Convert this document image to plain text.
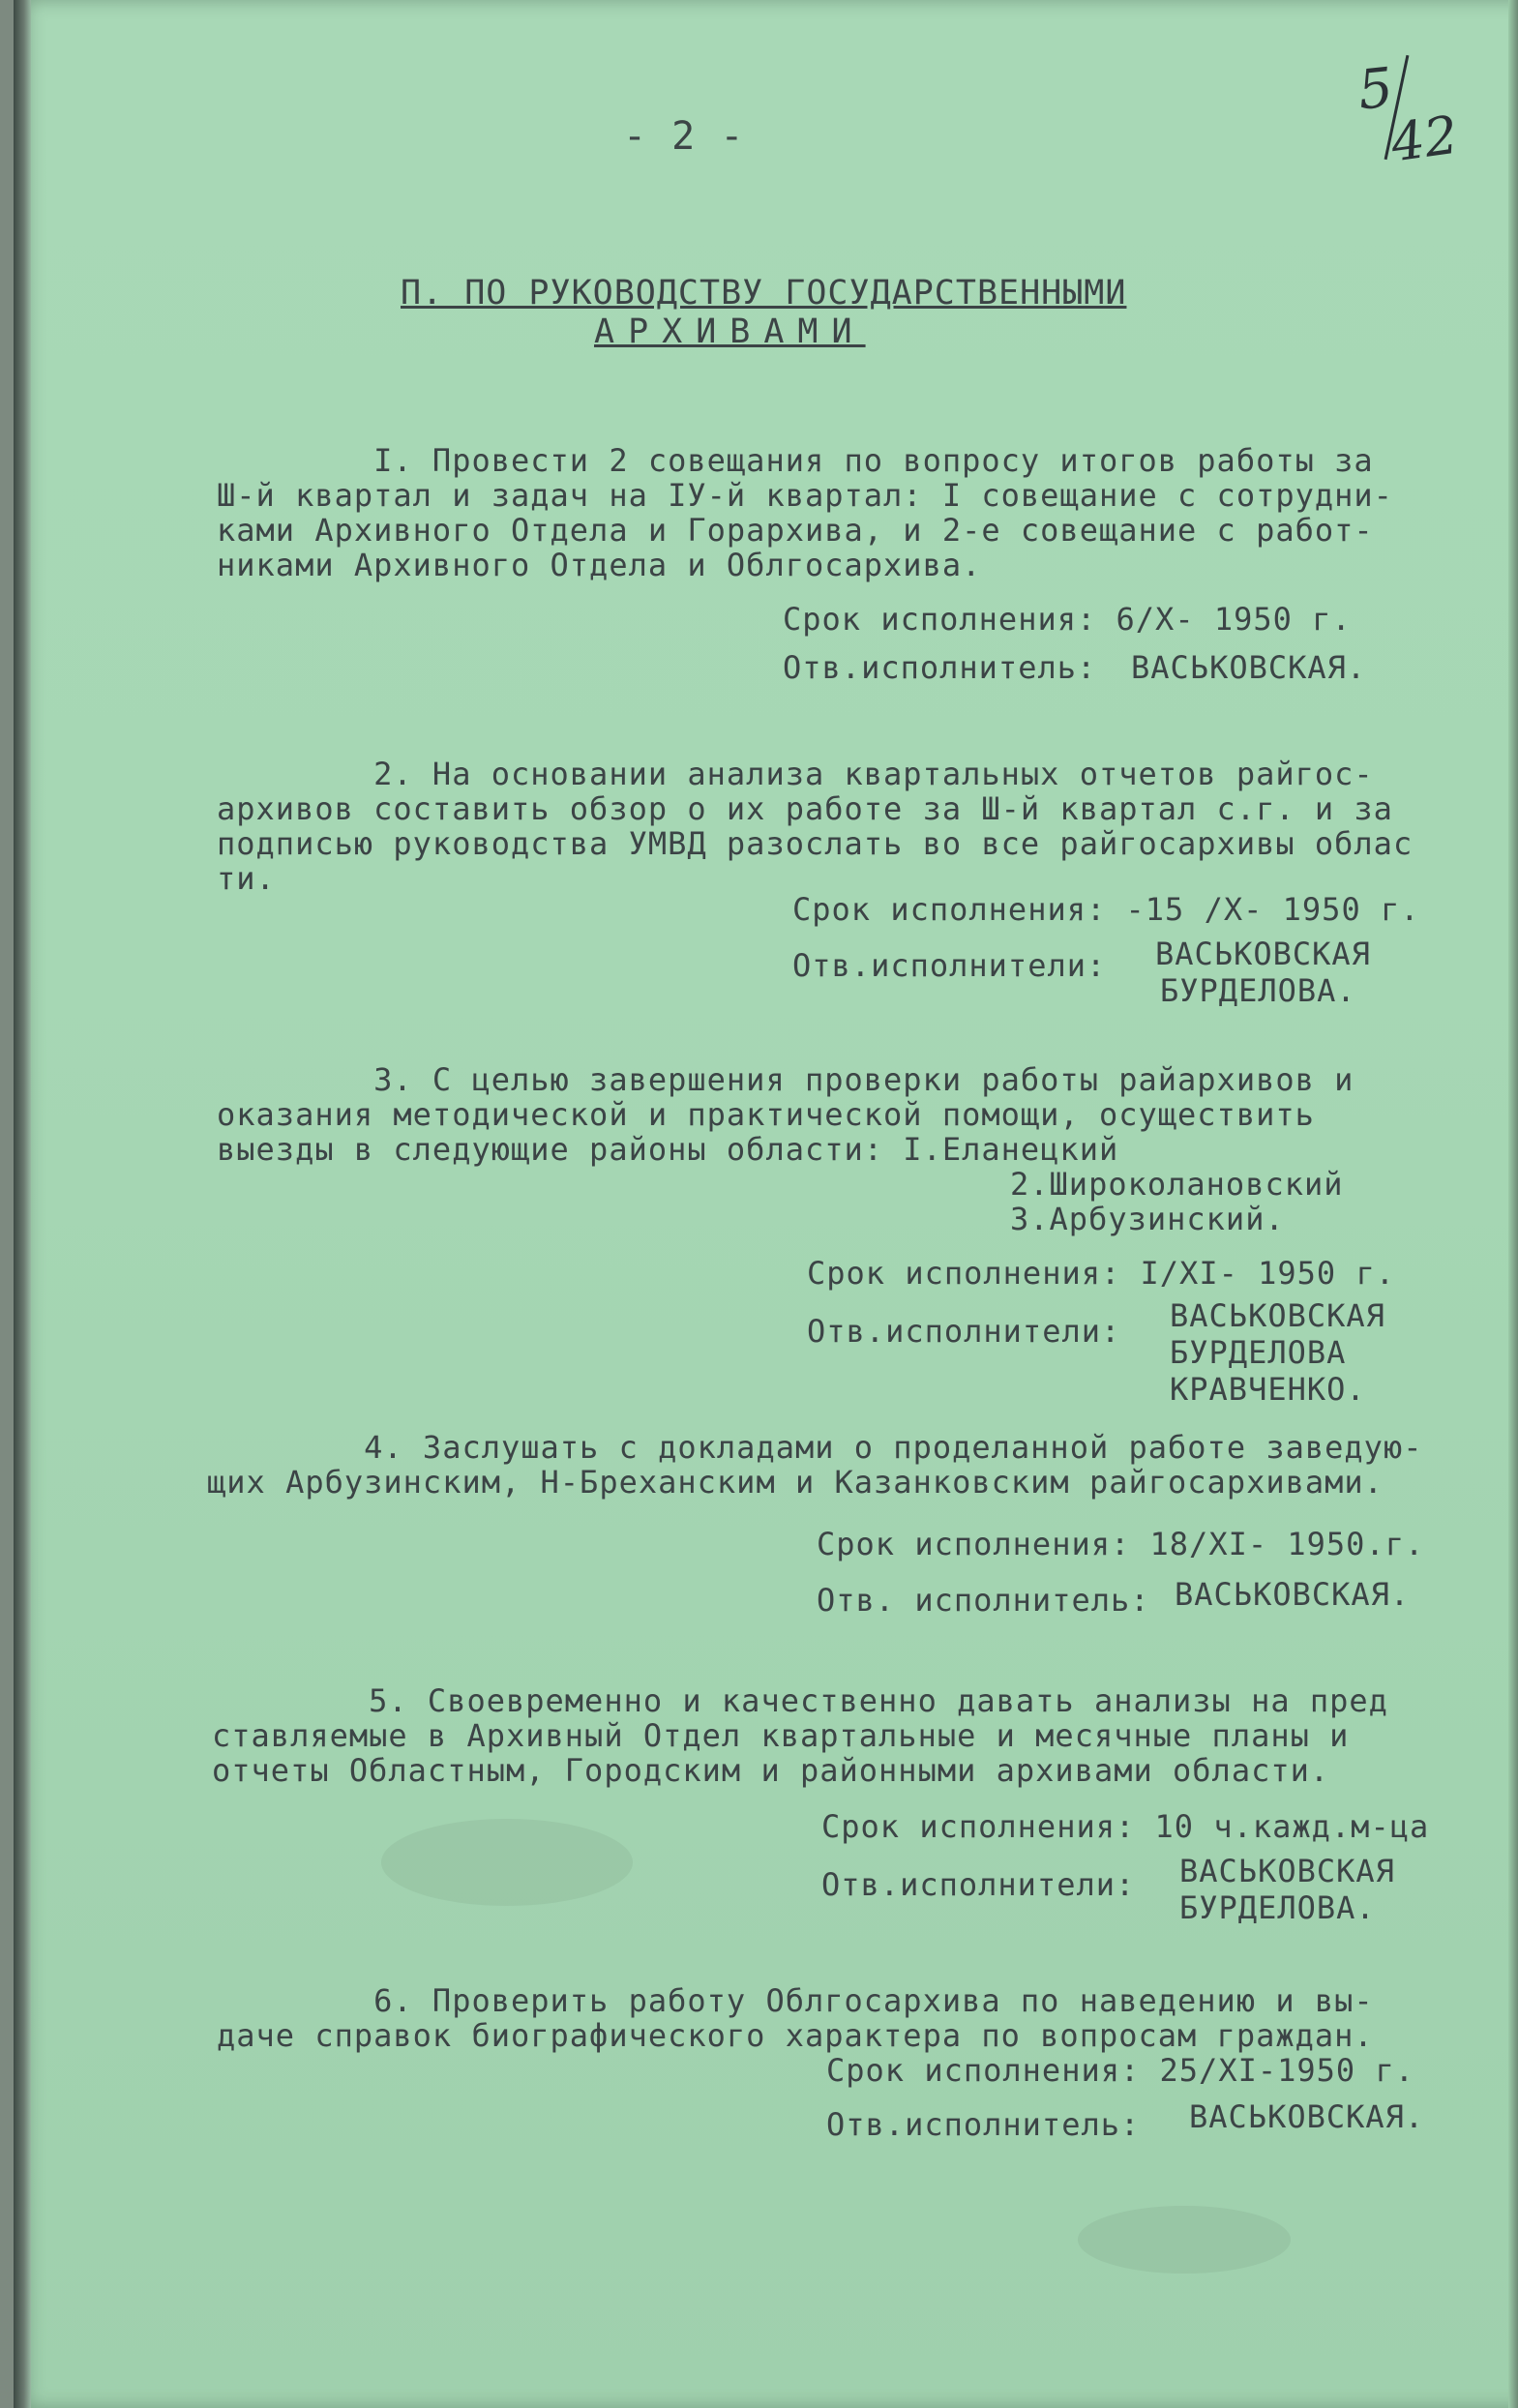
- 2 -
5
42
П. ПО РУКОВОДСТВУ ГОСУДАРСТВЕННЫМИ
АРХИВАМИ
I. Провести 2 совещания по вопросу итогов работы за
Ш-й квартал и задач на IУ-й квартал: I совещание с сотрудни-
ками Архивного Отдела и Горархива, и 2-е совещание с работ-
никами Архивного Отдела и Облгосархива.
Срок исполнения: 6/Х- 1950 г.
Отв.исполнитель: ВАСЬКОВСКАЯ.
2. На основании анализа квартальных отчетов райгос-
архивов составить обзор о их работе за Ш-й квартал с.г. и за
подписью руководства УМВД разослать во все райгосархивы облас
ти.
Срок исполнения: -15 /Х- 1950 г.
Отв.исполнители: ВАСЬКОВСКАЯ
БУРДЕЛОВА.
3. С целью завершения проверки работы райархивов и
оказания методической и практической помощи, осуществить
выезды в следующие районы области: I.Еланецкий
2.Широколановский
3.Арбузинский.
Срок исполнения: I/XI- 1950 г.
Отв.исполнители: ВАСЬКОВСКАЯ
БУРДЕЛОВА
КРАВЧЕНКО.
4. Заслушать с докладами о проделанной работе заведую-
щих Арбузинским, Н-Бреханским и Казанковским райгосархивами.
Срок исполнения: 18/XI- 1950.г.
Отв. исполнитель: ВАСЬКОВСКАЯ.
5. Своевременно и качественно давать анализы на пред
ставляемые в Архивный Отдел квартальные и месячные планы и
отчеты Областным, Городским и районными архивами области.
Срок исполнения: 10 ч.кажд.м-ца
Отв.исполнители: ВАСЬКОВСКАЯ
БУРДЕЛОВА.
6. Проверить работу Облгосархива по наведению и вы-
даче справок биографического характера по вопросам граждан.
Срок исполнения: 25/XI-1950 г.
Отв.исполнитель: ВАСЬКОВСКАЯ.
